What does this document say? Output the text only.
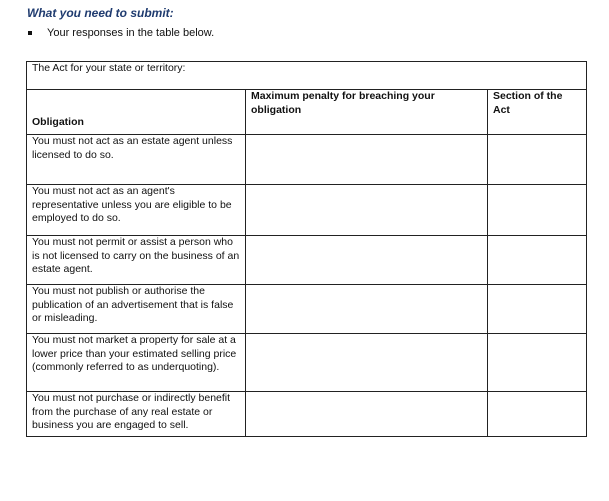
What you need to submit:
Your responses in the table below.
The Act for your state or territory:		
Obligation	Maximum penalty for breaching your obligation	Section of the Act
You must not act as an estate agent unless licensed to do so.		
You must not act as an agent's representative unless you are eligible to be employed to do so.		
You must not permit or assist a person who is not licensed to carry on the business of an estate agent.		
You must not publish or authorise the publication of an advertisement that is false or misleading.		
You must not market a property for sale at a lower price than your estimated selling price (commonly referred to as underquoting).		
You must not purchase or indirectly benefit from the purchase of any real estate or business you are engaged to sell.		
